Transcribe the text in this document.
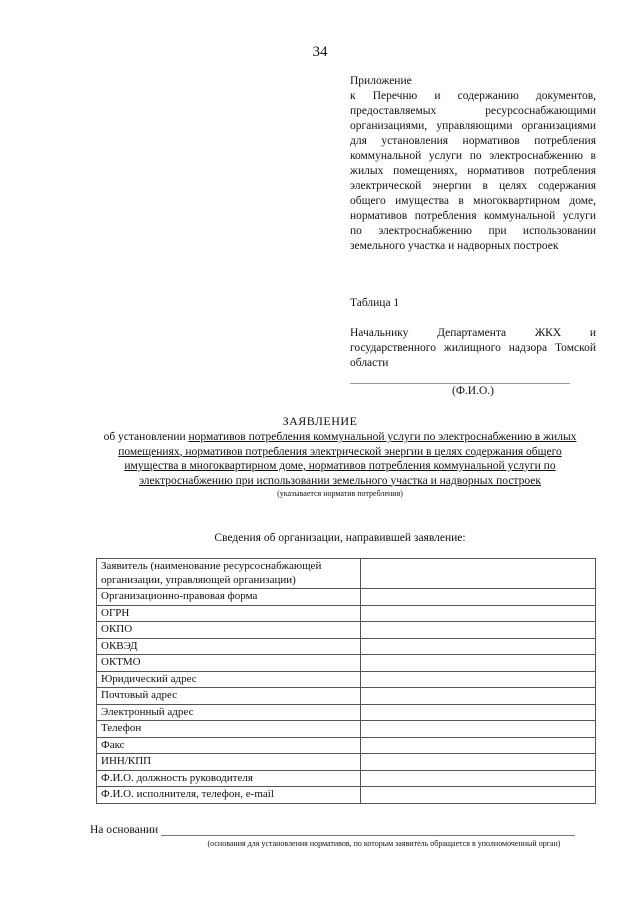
34
Приложение
к Перечню и содержанию документов, предоставляемых ресурсоснабжающими организациями, управляющими организациями для установления нормативов потребления коммунальной услуги по электроснабжению в жилых помещениях, нормативов потребления электрической энергии в целях содержания общего имущества в многоквартирном доме, нормативов потребления коммунальной услуги по электроснабжению при использовании земельного участка и надворных построек
Таблица 1
Начальнику Департамента ЖКХ и государственного жилищного надзора Томской области
(Ф.И.О.)
ЗАЯВЛЕНИЕ
об установлении нормативов потребления коммунальной услуги по электроснабжению в жилых помещениях, нормативов потребления электрической энергии в целях содержания общего имущества в многоквартирном доме, нормативов потребления коммунальной услуги по электроснабжению при использовании земельного участка и надворных построек
(указывается норматив потребления)
Сведения об организации, направившей заявление:
Заявитель (наименование ресурсоснабжающей организации, управляющей организации)	
Организационно-правовая форма	
ОГРН	
ОКПО	
ОКВЭД	
ОКТМО	
Юридический адрес	
Почтовый адрес	
Электронный адрес	
Телефон	
Факс	
ИНН/КПП	
Ф.И.О. должность руководителя	
Ф.И.О. исполнителя, телефон, e-mail	
На основании
(основания для установления нормативов, по которым заявитель обращается в уполномоченный орган)
